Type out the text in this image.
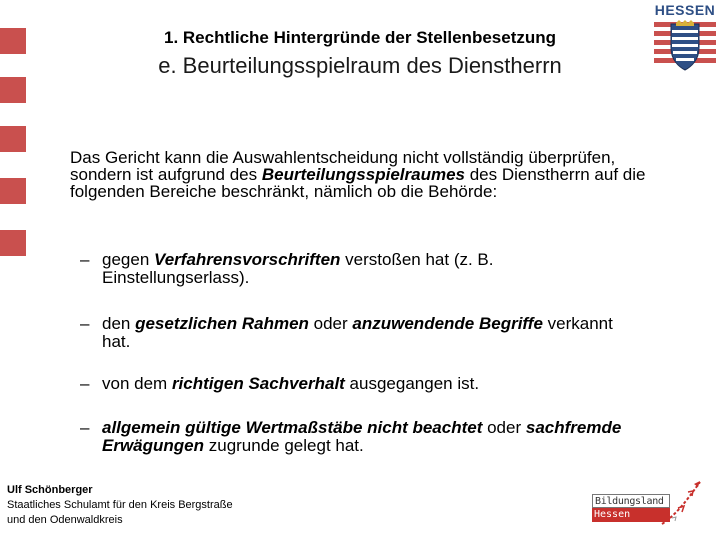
1. Rechtliche Hintergründe der Stellenbesetzung
e. Beurteilungsspielraum des Dienstherrn
HESSEN
Das Gericht kann die Auswahlentscheidung nicht vollständig überprüfen, sondern ist aufgrund des Beurteilungsspielraumes des Dienstherrn auf die folgenden Bereiche beschränkt, nämlich ob die Behörde:
– gegen Verfahrensvorschriften verstoßen hat (z. B. Einstellungserlass).
– den gesetzlichen Rahmen oder anzuwendende Begriffe verkannt hat.
– von dem richtigen Sachverhalt ausgegangen ist.
– allgemein gültige Wertmaßstäbe nicht beachtet oder sachfremde Erwägungen zugrunde gelegt hat.
Ulf Schönberger
Staatliches Schulamt für den Kreis Bergstraße
und den Odenwaldkreis
Bildungsland
Hessen
